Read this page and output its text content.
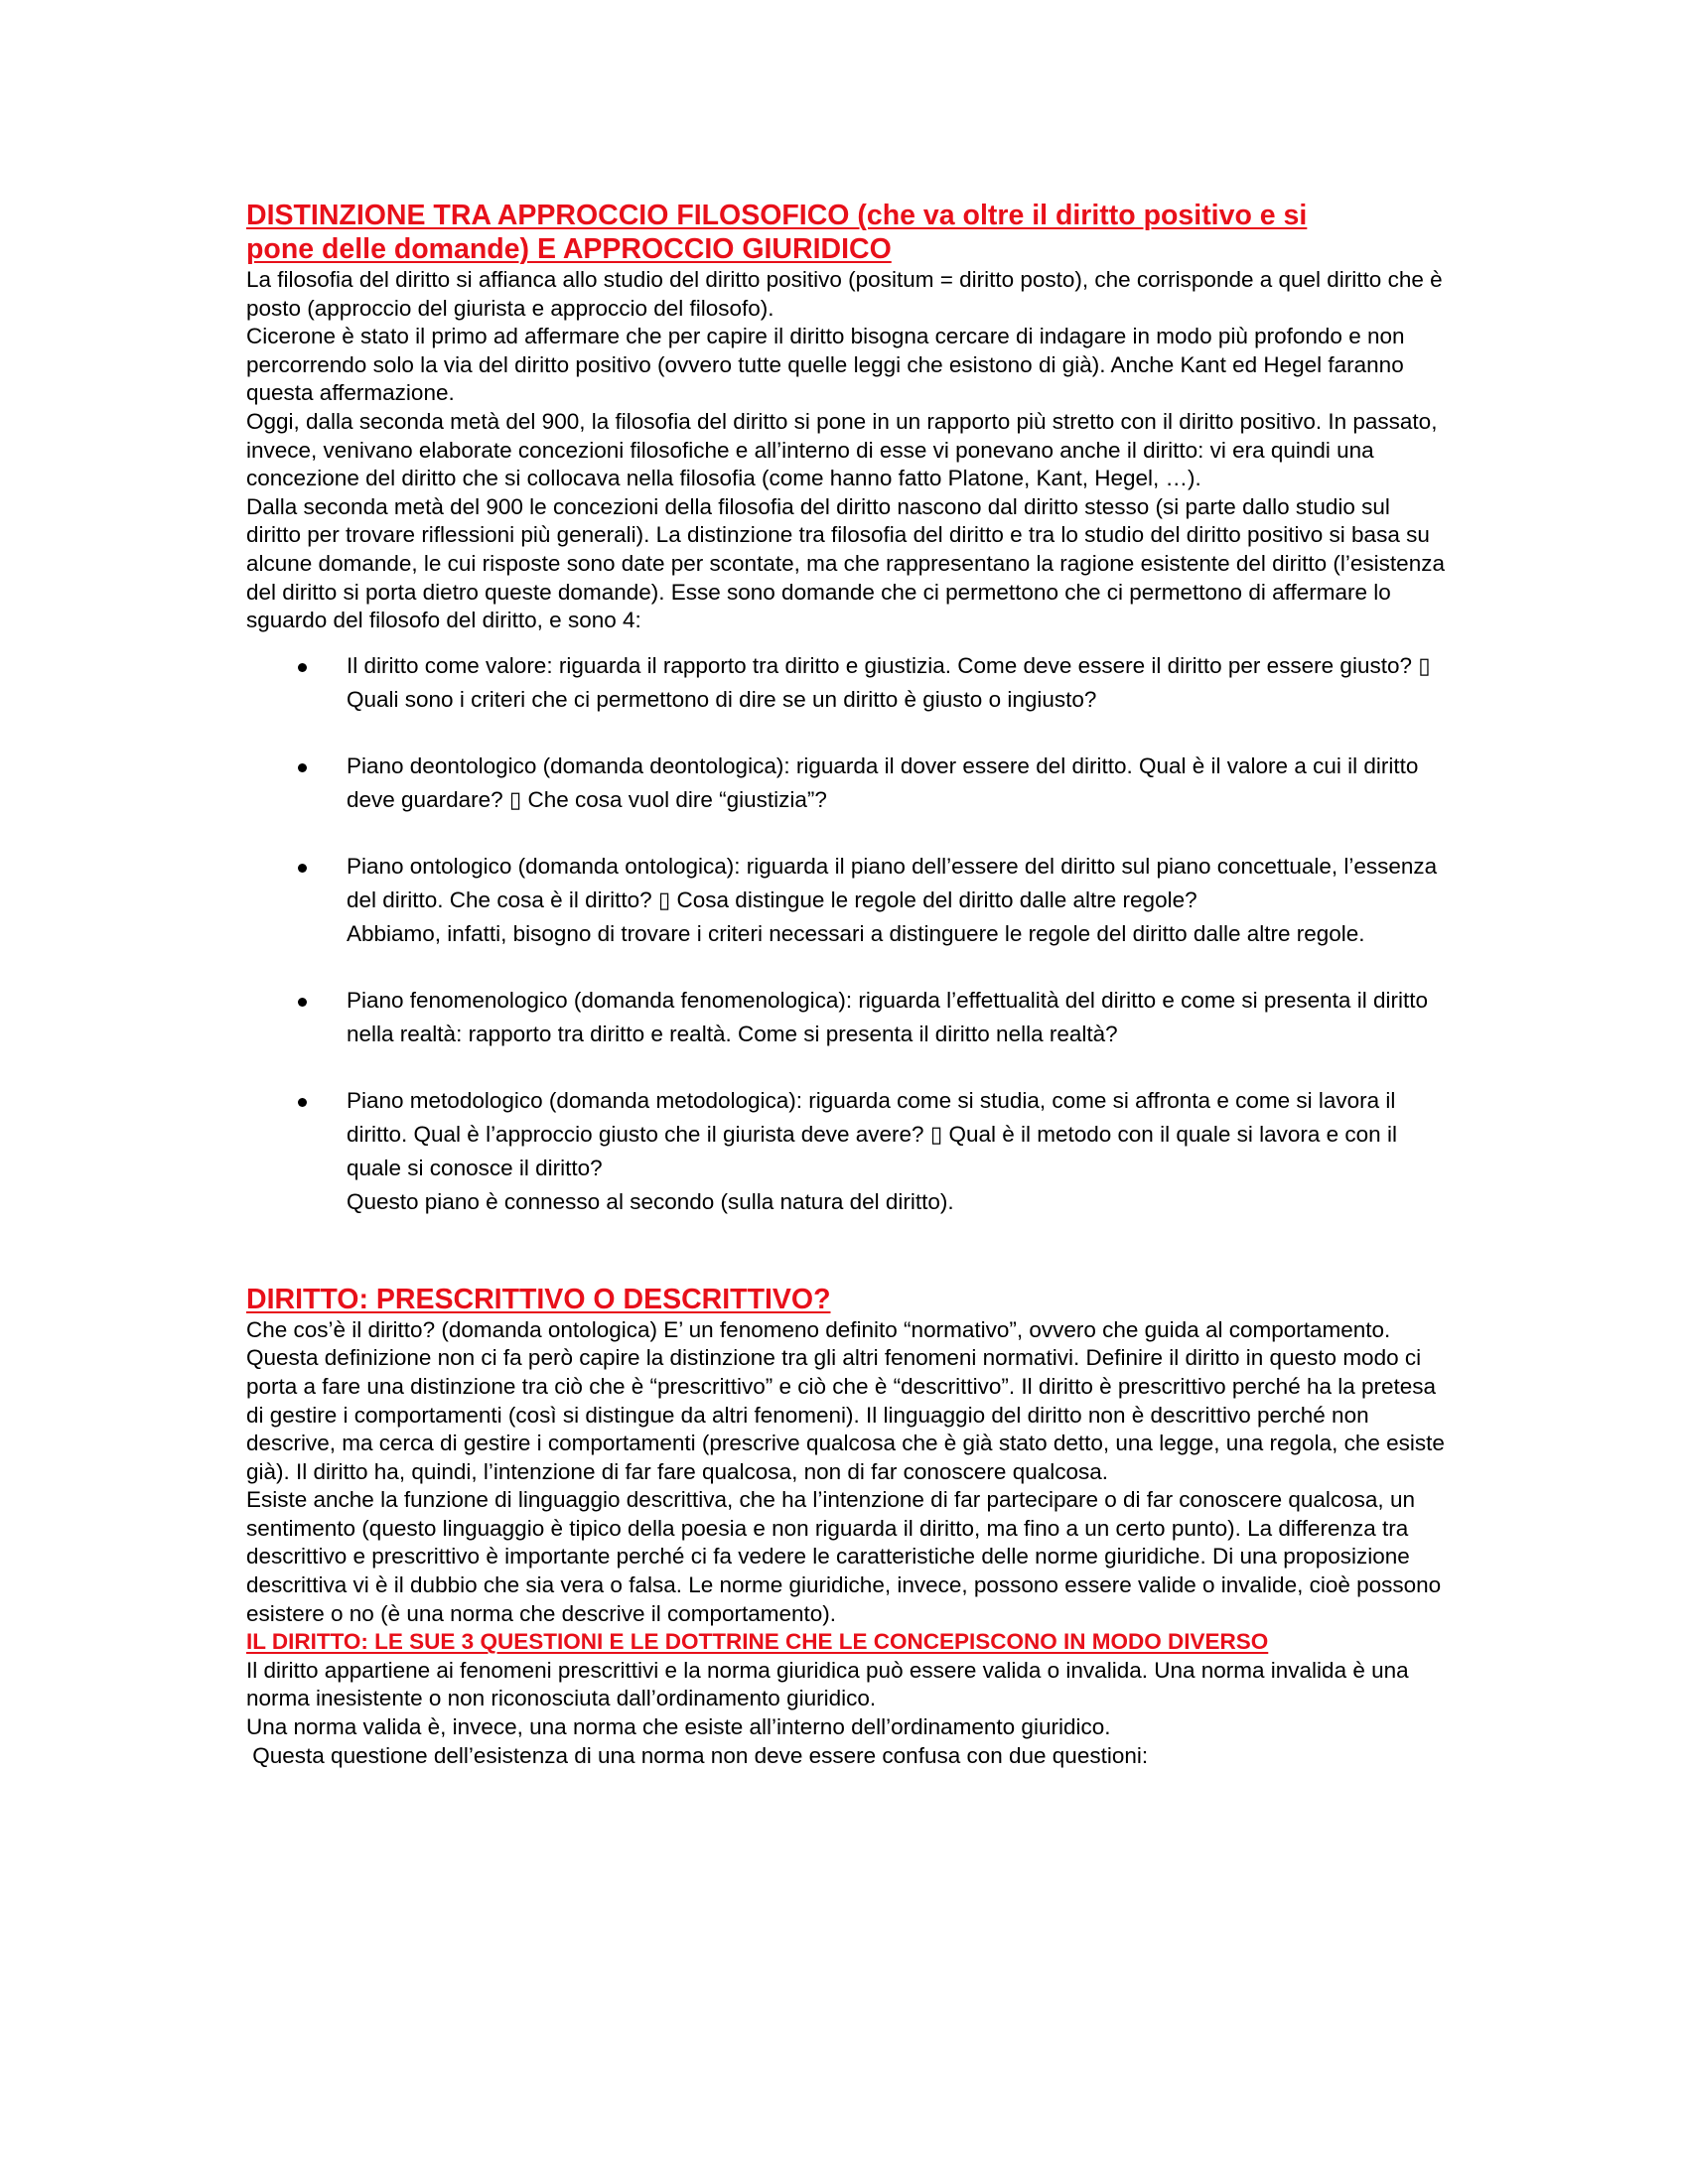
DISTINZIONE TRA APPROCCIO FILOSOFICO (che va oltre il diritto positivo e si
pone delle domande) E APPROCCIO GIURIDICO

La filosofia del diritto si affianca allo studio del diritto positivo (positum = diritto posto), che corrisponde a quel diritto che è posto (approccio del giurista e approccio del filosofo).

Cicerone è stato il primo ad affermare che per capire il diritto bisogna cercare di indagare in modo più profondo e non percorrendo solo la via del diritto positivo (ovvero tutte quelle leggi che esistono di già). Anche Kant ed Hegel faranno questa affermazione.

Oggi, dalla seconda metà del 900, la filosofia del diritto si pone in un rapporto più stretto con il diritto positivo. In passato, invece, venivano elaborate concezioni filosofiche e all’interno di esse vi ponevano anche il diritto: vi era quindi una concezione del diritto che si collocava nella filosofia (come hanno fatto Platone, Kant, Hegel, …).

Dalla seconda metà del 900 le concezioni della filosofia del diritto nascono dal diritto stesso (si parte dallo studio sul diritto per trovare riflessioni più generali). La distinzione tra filosofia del diritto e tra lo studio del diritto positivo si basa su alcune domande, le cui risposte sono date per scontate, ma che rappresentano la ragione esistente del diritto (l’esistenza del diritto si porta dietro queste domande). Esse sono domande che ci permettono che ci permettono di affermare lo sguardo del filosofo del diritto, e sono 4:

Il diritto come valore: riguarda il rapporto tra diritto e giustizia. Come deve essere il diritto per essere giusto? ▯ Quali sono i criteri che ci permettono di dire se un diritto è giusto o ingiusto?
Piano deontologico (domanda deontologica): riguarda il dover essere del diritto. Qual è il valore a cui il diritto deve guardare? ▯ Che cosa vuol dire “giustizia”?
Piano ontologico (domanda ontologica): riguarda il piano dell’essere del diritto sul piano concettuale, l’essenza del diritto. Che cosa è il diritto? ▯ Cosa distingue le regole del diritto dalle altre regole?
Abbiamo, infatti, bisogno di trovare i criteri necessari a distinguere le regole del diritto dalle altre regole.
Piano fenomenologico (domanda fenomenologica): riguarda l’effettualità del diritto e come si presenta il diritto nella realtà: rapporto tra diritto e realtà. Come si presenta il diritto nella realtà?
Piano metodologico (domanda metodologica): riguarda come si studia, come si affronta e come si lavora il diritto. Qual è l’approccio giusto che il giurista deve avere? ▯ Qual è il metodo con il quale si lavora e con il quale si conosce il diritto?
Questo piano è connesso al secondo (sulla natura del diritto).
DIRITTO: PRESCRITTIVO O DESCRITTIVO?

Che cos’è il diritto? (domanda ontologica) E’ un fenomeno definito “normativo”, ovvero che guida al comportamento. Questa definizione non ci fa però capire la distinzione tra gli altri fenomeni normativi. Definire il diritto in questo modo ci porta a fare una distinzione tra ciò che è “prescrittivo” e ciò che è “descrittivo”. Il diritto è prescrittivo perché ha la pretesa di gestire i comportamenti (così si distingue da altri fenomeni). Il linguaggio del diritto non è descrittivo perché non descrive, ma cerca di gestire i comportamenti (prescrive qualcosa che è già stato detto, una legge, una regola, che esiste già). Il diritto ha, quindi, l’intenzione di far fare qualcosa, non di far conoscere qualcosa.

Esiste anche la funzione di linguaggio descrittiva, che ha l’intenzione di far partecipare o di far conoscere qualcosa, un sentimento (questo linguaggio è tipico della poesia e non riguarda il diritto, ma fino a un certo punto). La differenza tra descrittivo e prescrittivo è importante perché ci fa vedere le caratteristiche delle norme giuridiche. Di una proposizione descrittiva vi è il dubbio che sia vera o falsa. Le norme giuridiche, invece, possono essere valide o invalide, cioè possono esistere o no (è una norma che descrive il comportamento).

IL DIRITTO: LE SUE 3 QUESTIONI E LE DOTTRINE CHE LE CONCEPISCONO IN MODO DIVERSO

Il diritto appartiene ai fenomeni prescrittivi e la norma giuridica può essere valida o invalida. Una norma invalida è una norma inesistente o non riconosciuta dall’ordinamento giuridico.

Una norma valida è, invece, una norma che esiste all’interno dell’ordinamento giuridico.

Questa questione dell’esistenza di una norma non deve essere confusa con due questioni:
